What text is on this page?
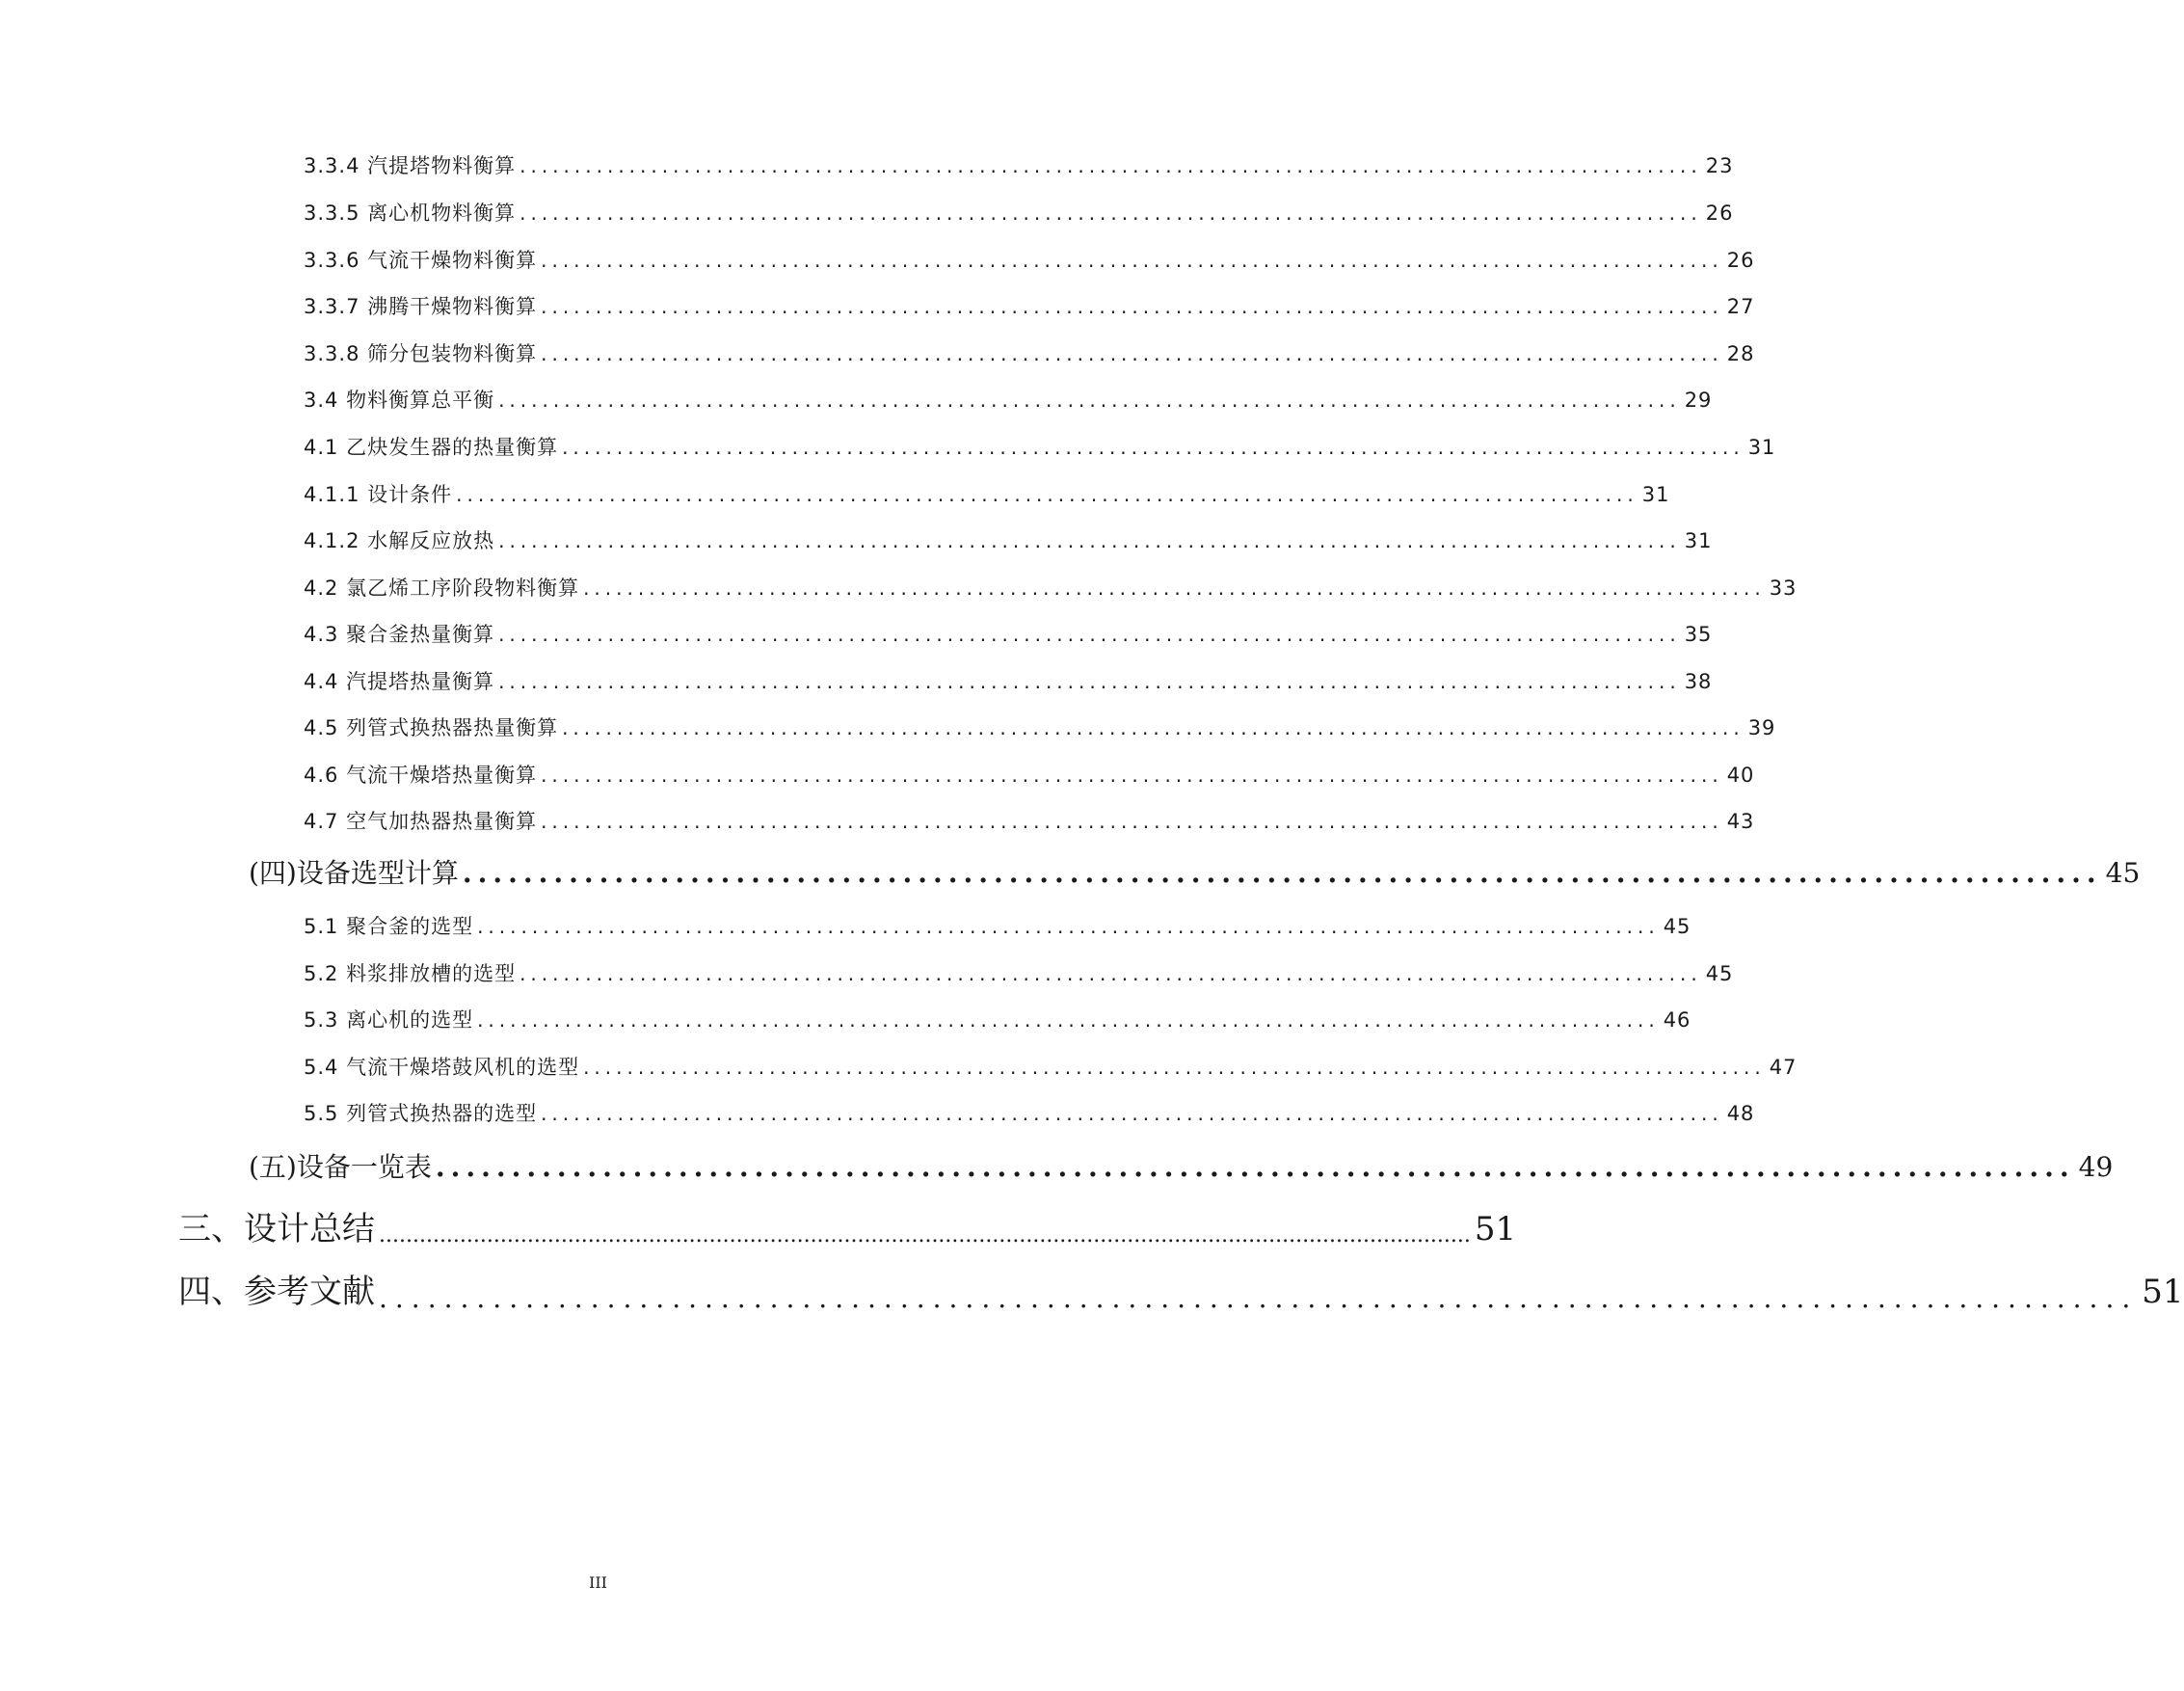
3.3.4 汽提塔物料衡算 ............................................................................................................ 23
3.3.5 离心机物料衡算 ............................................................................................................ 26
3.3.6 气流干燥物料衡算 ............................................................................................................ 26
3.3.7 沸腾干燥物料衡算 ............................................................................................................ 27
3.3.8 筛分包装物料衡算 ............................................................................................................ 28
3.4 物料衡算总平衡 ............................................................................................................ 29
4.1 乙炔发生器的热量衡算 ............................................................................................................ 31
4.1.1 设计条件 ............................................................................................................ 31
4.1.2 水解反应放热 ............................................................................................................ 31
4.2 氯乙烯工序阶段物料衡算 ............................................................................................................ 33
4.3 聚合釜热量衡算 ............................................................................................................ 35
4.4 汽提塔热量衡算 ............................................................................................................ 38
4.5 列管式换热器热量衡算 ............................................................................................................ 39
4.6 气流干燥塔热量衡算 ............................................................................................................ 40
4.7 空气加热器热量衡算 ............................................................................................................ 43
(四)设备选型计算 ............................................................................................................ 45
5.1 聚合釜的选型 ............................................................................................................ 45
5.2 料浆排放槽的选型 ............................................................................................................ 45
5.3 离心机的选型 ............................................................................................................ 46
5.4 气流干燥塔鼓风机的选型 ............................................................................................................ 47
5.5 列管式换热器的选型 ............................................................................................................ 48
(五)设备一览表 ............................................................................................................ 49
三、设计总结 .................................................................................................................................................................. 51
四、参考文献 ............................................................................................................ 51
III
